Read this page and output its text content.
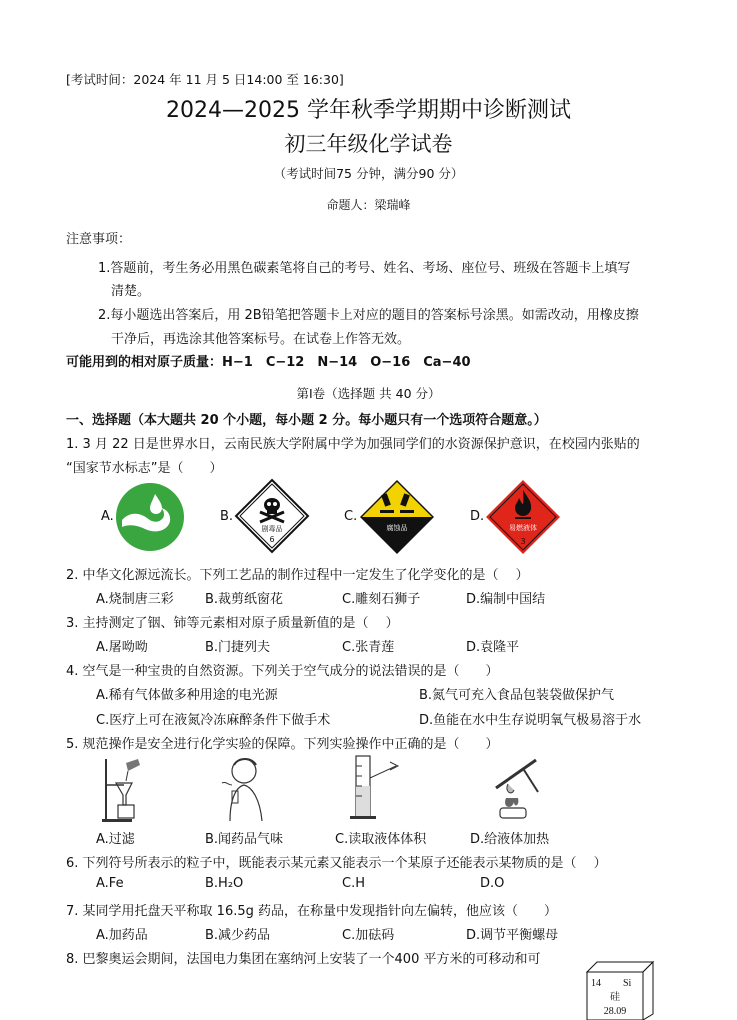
[考试时间：2024 年 11 月 5 日14:00 至 16:30]
2024—2025 学年秋季学期期中诊断测试
初三年级化学试卷
（考试时间75 分钟，满分90 分）
命题人：梁瑞峰
注意事项：
1.答题前，考生务必用黑色碳素笔将自己的考号、姓名、考场、座位号、班级在答题卡上填写
清楚。
2.每小题选出答案后，用 2B铅笔把答题卡上对应的题目的答案标号涂黑。如需改动，用橡皮擦
干净后，再选涂其他答案标号。在试卷上作答无效。
可能用到的相对原子质量：H−1　C−12　N−14　O−16　Ca−40
第Ⅰ卷（选择题 共 40 分）
一、选择题（本大题共 20 个小题，每小题 2 分。每小题只有一个选项符合题意。）
1. 3 月 22 日是世界水日，云南民族大学附属中学为加强同学们的水资源保护意识，在校园内张贴的
“国家节水标志”是（　　）
A.	B.
剧毒品
6
C.
腐蚀品
D.
易燃液体
3
2. 中华文化源远流长。下列工艺品的制作过程中一定发生了化学变化的是（　 ）
A.烧制唐三彩 B.裁剪纸窗花	C.雕刻石狮子	D.编制中国结
3. 主持测定了铟、铈等元素相对原子质量新值的是（　 ）
A.屠呦呦	B.门捷列夫	C.张青莲	D.袁隆平
4. 空气是一种宝贵的自然资源。下列关于空气成分的说法错误的是（　　）
A.稀有气体做多种用途的电光源	B.氮气可充入食品包装袋做保护气
C.医疗上可在液氮冷冻麻醉条件下做手术	D.鱼能在水中生存说明氧气极易溶于水
5. 规范操作是安全进行化学实验的保障。下列实验操作中正确的是（　　）
A.过滤	B.闻药品气味	C.读取液体体积	D.给液体加热
6. 下列符号所表示的粒子中，既能表示某元素又能表示一个某原子还能表示某物质的是（　 ）
A.Fe	B.H₂O	C.H	D.O
7. 某同学用托盘天平称取 16.5g 药品，在称量中发现指针向左偏转，他应该（　　）
A.加药品	B.减少药品	C.加砝码	D.调节平衡螺母
8. 巴黎奥运会期间，法国电力集团在塞纳河上安装了一个400 平方米的可移动和可
14 Si
硅
28.09
